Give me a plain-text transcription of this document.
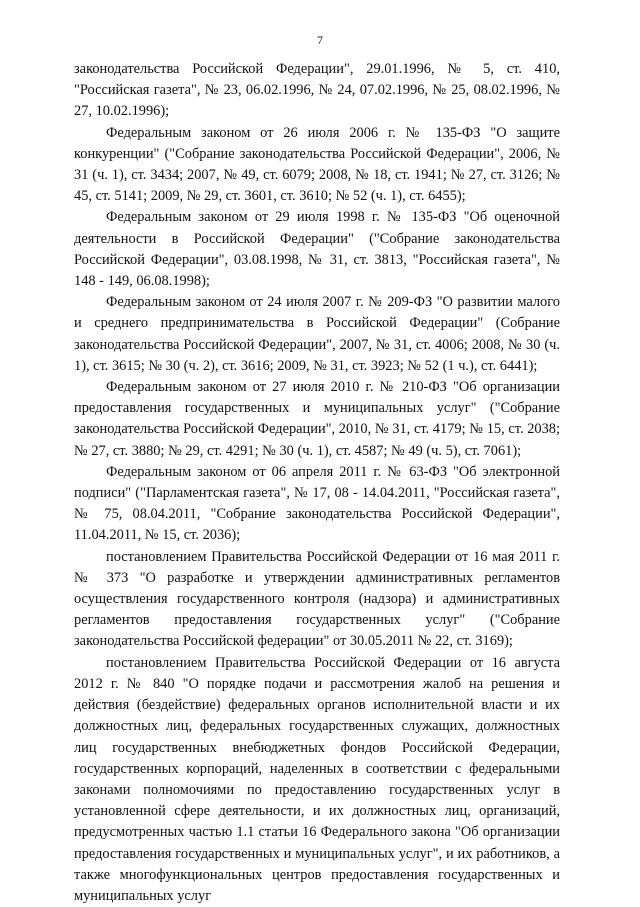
7

законодательства Российской Федерации", 29.01.1996, № 5, ст. 410, "Российская газета", № 23, 06.02.1996, № 24, 07.02.1996, № 25, 08.02.1996, № 27, 10.02.1996);

Федеральным законом от 26 июля 2006 г. № 135-ФЗ "О защите конкуренции" ("Собрание законодательства Российской Федерации", 2006, № 31 (ч. 1), ст. 3434; 2007, № 49, ст. 6079; 2008, № 18, ст. 1941; № 27, ст. 3126; № 45, ст. 5141; 2009, № 29, ст. 3601, ст. 3610; № 52 (ч. 1), ст. 6455);

Федеральным законом от 29 июля 1998 г. № 135-ФЗ "Об оценочной деятельности в Российской Федерации" ("Собрание законодательства Российской Федерации", 03.08.1998, № 31, ст. 3813, "Российская газета", № 148 - 149, 06.08.1998);

Федеральным законом от 24 июля 2007 г. № 209-ФЗ "О развитии малого и среднего предпринимательства в Российской Федерации" (Собрание законодательства Российской Федерации", 2007, № 31, ст. 4006; 2008, № 30 (ч. 1), ст. 3615; № 30 (ч. 2), ст. 3616; 2009, № 31, ст. 3923; № 52 (1 ч.), ст. 6441);

Федеральным законом от 27 июля 2010 г. № 210-ФЗ "Об организации предоставления государственных и муниципальных услуг" ("Собрание законодательства Российской Федерации", 2010, № 31, ст. 4179; № 15, ст. 2038; № 27, ст. 3880; № 29, ст. 4291; № 30 (ч. 1), ст. 4587; № 49 (ч. 5), ст. 7061);

Федеральным законом от 06 апреля 2011 г. № 63-ФЗ "Об электронной подписи" ("Парламентская газета", № 17, 08 - 14.04.2011, "Российская газета", № 75, 08.04.2011, "Собрание законодательства Российской Федерации", 11.04.2011, № 15, ст. 2036);

постановлением Правительства Российской Федерации от 16 мая 2011 г. № 373 "О разработке и утверждении административных регламентов осуществления государственного контроля (надзора) и административных регламентов предоставления государственных услуг" ("Собрание законодательства Российской федерации" от 30.05.2011 № 22, ст. 3169);

постановлением Правительства Российской Федерации от 16 августа 2012 г. № 840 "О порядке подачи и рассмотрения жалоб на решения и действия (бездействие) федеральных органов исполнительной власти и их должностных лиц, федеральных государственных служащих, должностных лиц государственных внебюджетных фондов Российской Федерации, государственных корпораций, наделенных в соответствии с федеральными законами полномочиями по предоставлению государственных услуг в установленной сфере деятельности, и их должностных лиц, организаций, предусмотренных частью 1.1 статьи 16 Федерального закона "Об организации предоставления государственных и муниципальных услуг", и их работников, а также многофункциональных центров предоставления государственных и муниципальных услуг
